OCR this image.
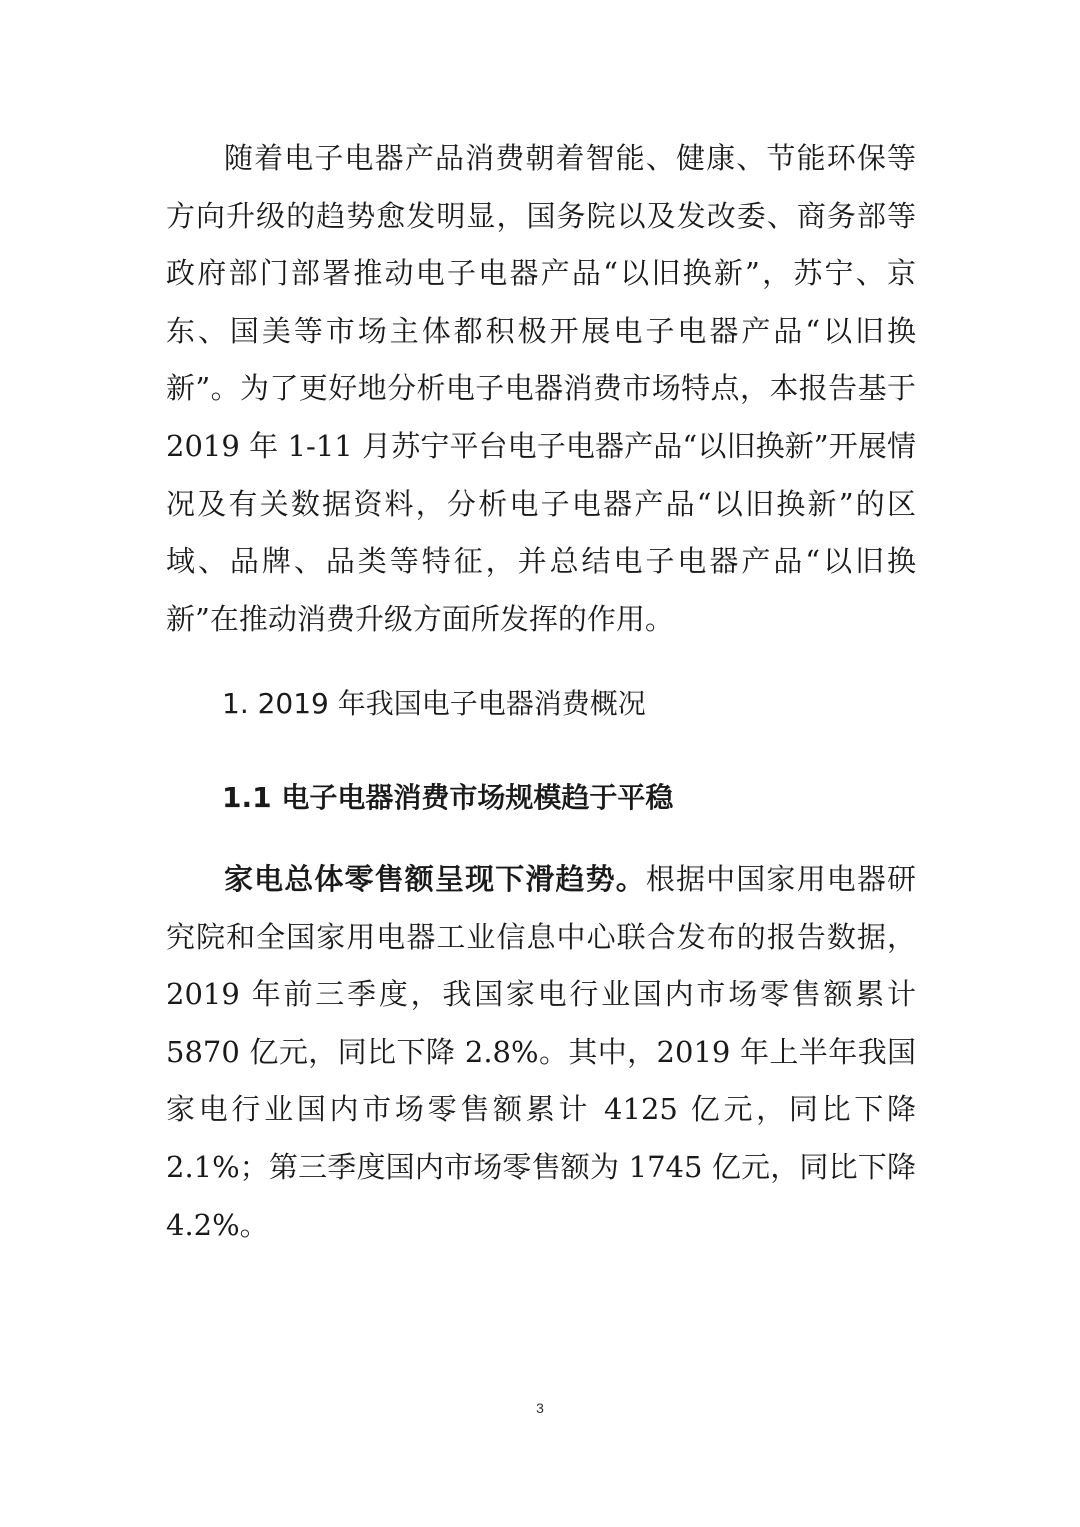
随着电子电器产品消费朝着智能、健康、节能环保等方向升级的趋势愈发明显，国务院以及发改委、商务部等政府部门部署推动电子电器产品“以旧换新”，苏宁、京东、国美等市场主体都积极开展电子电器产品“以旧换新”。为了更好地分析电子电器消费市场特点，本报告基于 2019 年 1-11 月苏宁平台电子电器产品“以旧换新”开展情况及有关数据资料，分析电子电器产品“以旧换新”的区域、品牌、品类等特征，并总结电子电器产品“以旧换新”在推动消费升级方面所发挥的作用。

1. 2019 年我国电子电器消费概况
1.1 电子电器消费市场规模趋于平稳

家电总体零售额呈现下滑趋势。根据中国家用电器研究院和全国家用电器工业信息中心联合发布的报告数据，2019 年前三季度，我国家电行业国内市场零售额累计 5870 亿元，同比下降 2.8%。其中，2019 年上半年我国家电行业国内市场零售额累计 4125 亿元，同比下降 2.1%；第三季度国内市场零售额为 1745 亿元，同比下降 4.2%。

3
